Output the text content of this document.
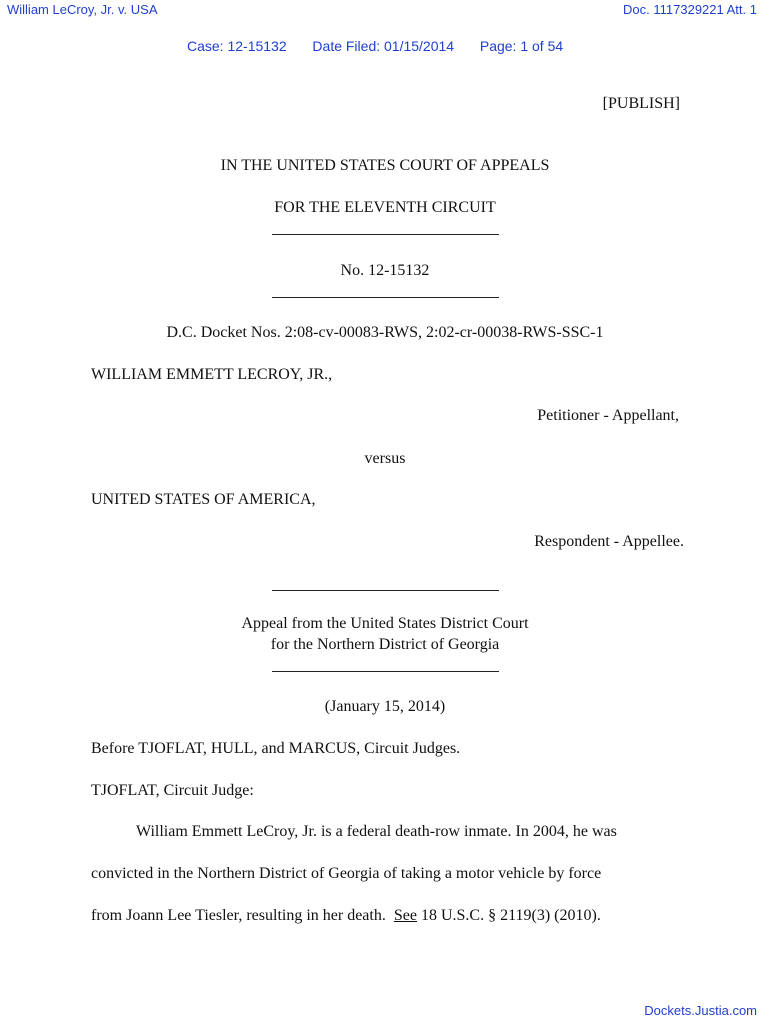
William LeCroy, Jr. v. USA	Doc. 1117329221 Att. 1
Case: 12-15132 Date Filed: 01/15/2014 Page: 1 of 54
[PUBLISH]
IN THE UNITED STATES COURT OF APPEALS
FOR THE ELEVENTH CIRCUIT
No. 12-15132
D.C. Docket Nos. 2:08-cv-00083-RWS, 2:02-cr-00038-RWS-SSC-1
WILLIAM EMMETT LECROY, JR.,
Petitioner - Appellant,
versus
UNITED STATES OF AMERICA,
Respondent - Appellee.
Appeal from the United States District Court
for the Northern District of Georgia
(January 15, 2014)
Before TJOFLAT, HULL, and MARCUS, Circuit Judges.
TJOFLAT, Circuit Judge:
William Emmett LeCroy, Jr. is a federal death-row inmate. In 2004, he was
convicted in the Northern District of Georgia of taking a motor vehicle by force
from Joann Lee Tiesler, resulting in her death.  See 18 U.S.C. § 2119(3) (2010).
Dockets.Justia.com
